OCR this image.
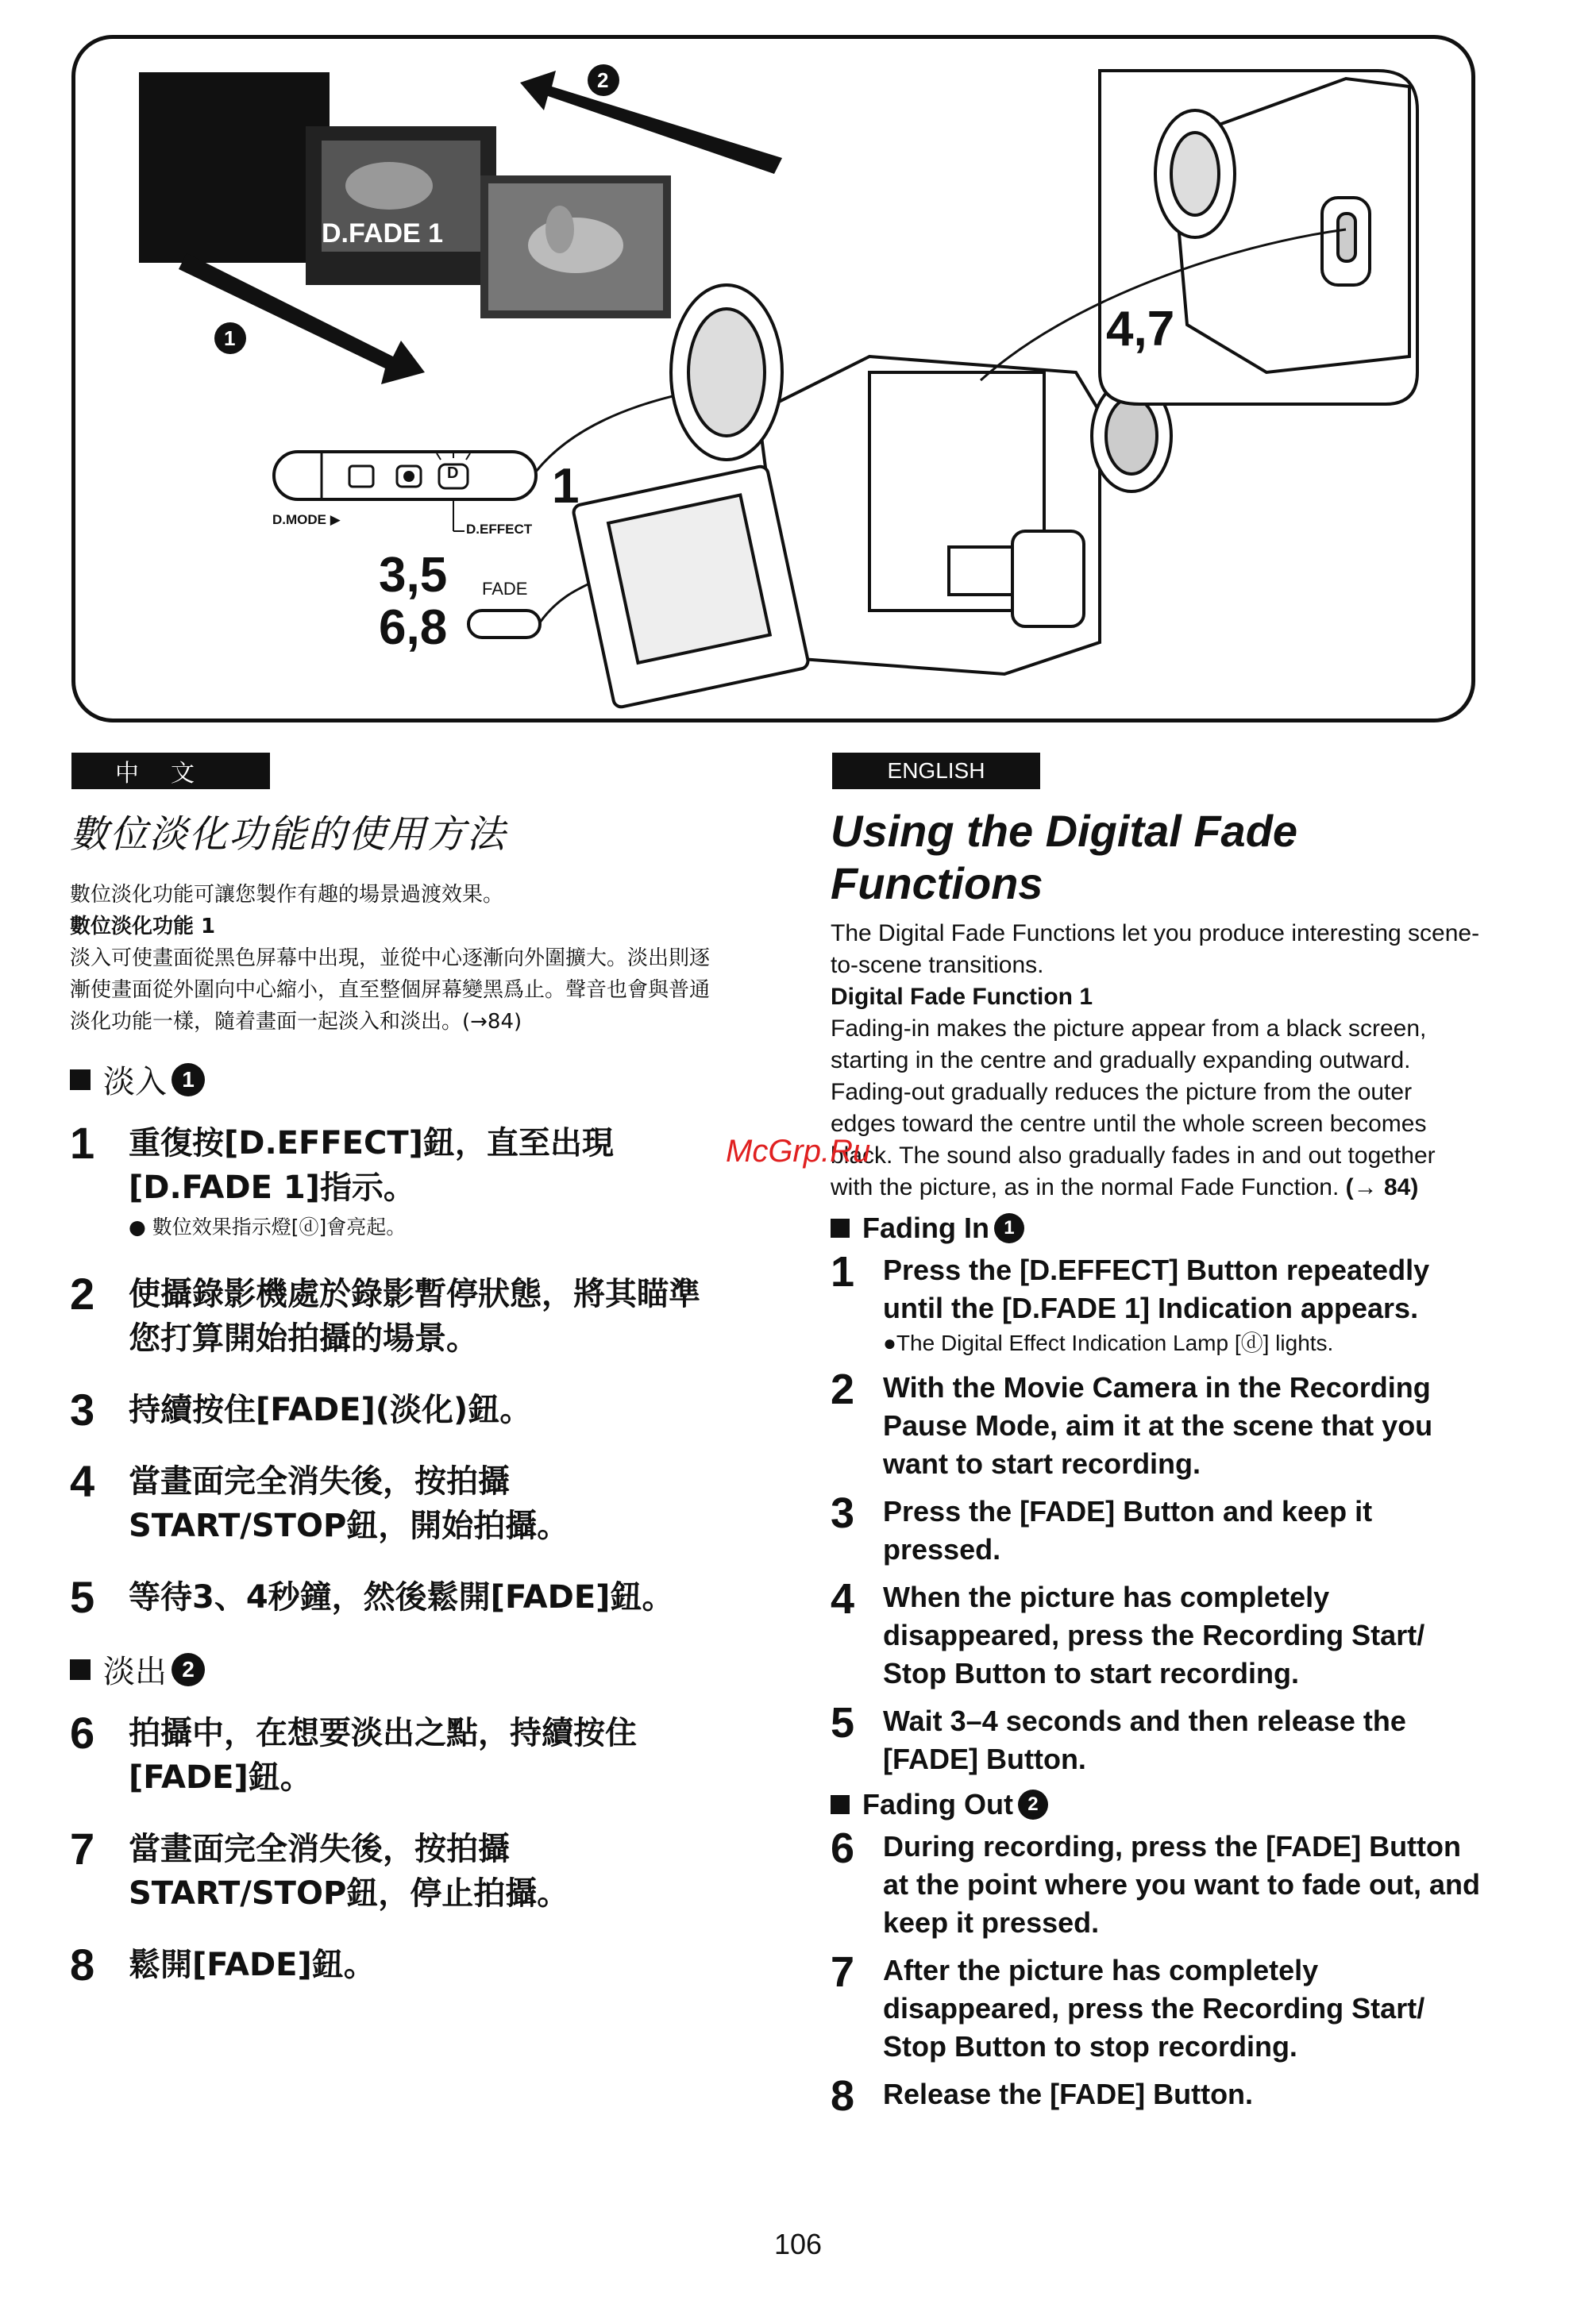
D.FADE 1
D.MODE ▶
D.EFFECT
1
3,5
6,8
FADE
4,7
1
2
D
中文	ENGLISH
數位淡化功能的使用方法
數位淡化功能可讓您製作有趣的場景過渡效果。
數位淡化功能 1
淡入可使畫面從黑色屏幕中出現，並從中心逐漸向外圍擴大。淡出則逐漸使畫面從外圍向中心縮小，直至整個屏幕變黑爲止。聲音也會與普通淡化功能一樣，隨着畫面一起淡入和淡出。(→84)
淡入 1
1	重復按[D.EFFECT]鈕，直至出現[D.FADE 1]指示。
● 數位效果指示燈[ⓓ]會亮起。
2	使攝錄影機處於錄影暫停狀態，將其瞄準您打算開始拍攝的場景。
3	持續按住[FADE](淡化)鈕。
4	當畫面完全消失後，按拍攝START/STOP鈕，開始拍攝。
5	等待3、4秒鐘，然後鬆開[FADE]鈕。
淡出 2
6	拍攝中，在想要淡出之點，持續按住[FADE]鈕。
7	當畫面完全消失後，按拍攝START/STOP鈕，停止拍攝。
8	鬆開[FADE]鈕。
Using the Digital Fade Functions
The Digital Fade Functions let you produce interesting scene-to-scene transitions.
Digital Fade Function 1
Fading-in makes the picture appear from a black screen, starting in the centre and gradually expanding outward. Fading-out gradually reduces the picture from the outer edges toward the centre until the whole screen becomes black. The sound also gradually fades in and out together with the picture, as in the normal Fade Function. (→ 84)
Fading In 1
1 Press the [D.EFFECT] Button repeatedly until the [D.FADE 1] Indication appears.
●The Digital Effect Indication Lamp [ⓓ] lights.
2 With the Movie Camera in the Recording Pause Mode, aim it at the scene that you want to start recording.
3 Press the [FADE] Button and keep it pressed.
4 When the picture has completely disappeared, press the Recording Start/ Stop Button to start recording.
5 Wait 3–4 seconds and then release the [FADE] Button.
Fading Out 2
6 During recording, press the [FADE] Button at the point where you want to fade out, and keep it pressed.
7 After the picture has completely disappeared, press the Recording Start/ Stop Button to stop recording.
8 Release the [FADE] Button.
McGrp.Ru
106
